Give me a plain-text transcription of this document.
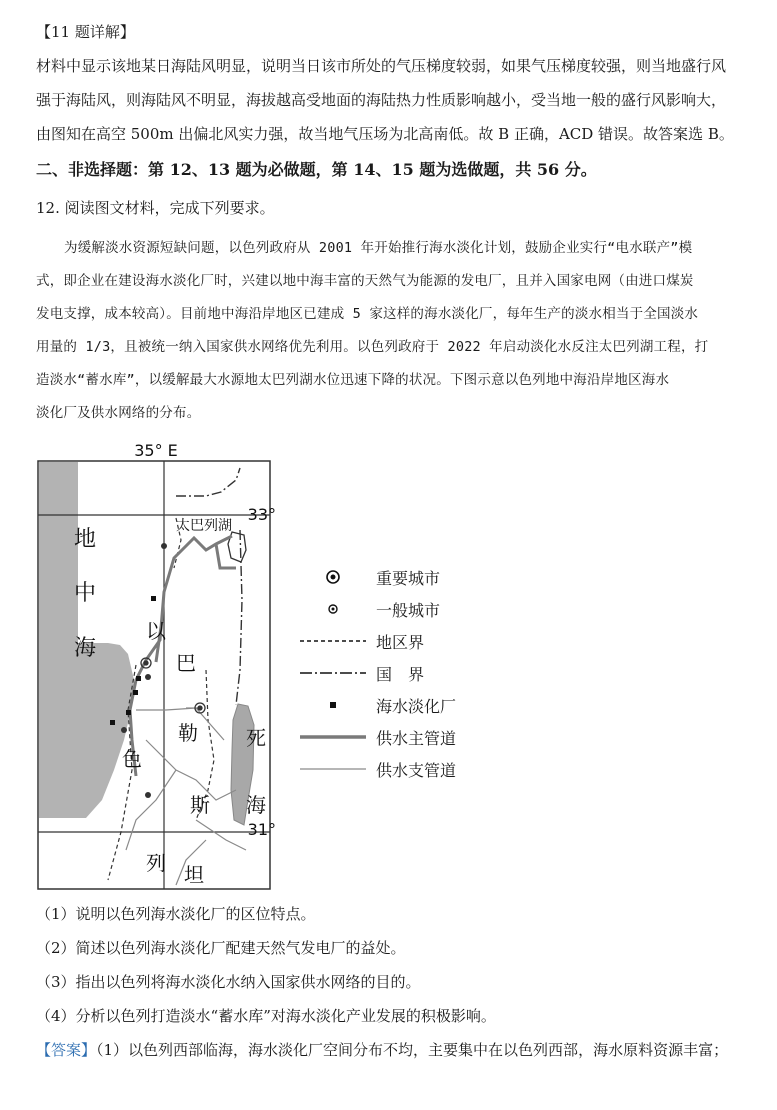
【11 题详解】
材料中显示该地某日海陆风明显，说明当日该市所处的气压梯度较弱，如果气压梯度较强，则当地盛行风
强于海陆风，则海陆风不明显，海拔越高受地面的海陆热力性质影响越小，受当地一般的盛行风影响大，
由图知在高空 500m 出偏北风实力强，故当地气压场为北高南低。故 B 正确，ACD 错误。故答案选 B。
二、非选择题：第 12、13 题为必做题，第 14、15 题为选做题，共 56 分。
12. 阅读图文材料，完成下列要求。
为缓解淡水资源短缺问题，以色列政府从 2001 年开始推行海水淡化计划，鼓励企业实行“电水联产”模
式，即企业在建设海水淡化厂时，兴建以地中海丰富的天然气为能源的发电厂，且并入国家电网（由进口煤炭
发电支撑，成本较高）。目前地中海沿岸地区已建成 5 家这样的海水淡化厂，每年生产的淡水相当于全国淡水
用量的 1/3，且被统一纳入国家供水网络优先利用。以色列政府于 2022 年启动淡化水反注太巴列湖工程，打
造淡水“蓄水库”，以缓解最大水源地太巴列湖水位迅速下降的状况。下图示意以色列地中海沿岸地区海水
淡化厂及供水网络的分布。
35° E
太巴列湖
33°
31°
地
中
海
以
色
列
巴
勒
斯
坦
死
海
重要城市
一般城市
地区界
国　界
海水淡化厂
供水主管道
供水支管道
（1）说明以色列海水淡化厂的区位特点。
（2）简述以色列海水淡化厂配建天然气发电厂的益处。
（3）指出以色列将海水淡化水纳入国家供水网络的目的。
（4）分析以色列打造淡水“蓄水库”对海水淡化产业发展的积极影响。
【答案】（1）以色列西部临海，海水淡化厂空间分布不均，主要集中在以色列西部，海水原料资源丰富；
